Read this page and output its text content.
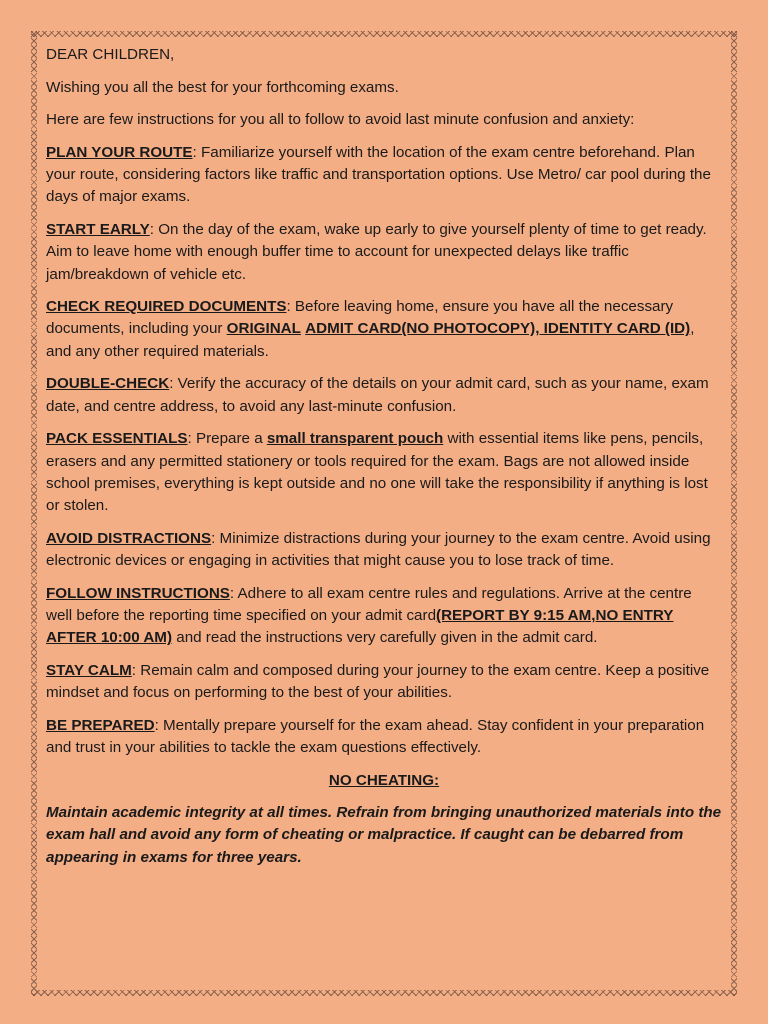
DEAR CHILDREN,

Wishing you all the best for your forthcoming exams.

Here are few instructions for you all to follow to avoid last minute confusion and anxiety:

PLAN YOUR ROUTE: Familiarize yourself with the location of the exam centre beforehand. Plan your route, considering factors like traffic and transportation options. Use Metro/ car pool during the days of major exams.

START EARLY: On the day of the exam, wake up early to give yourself plenty of time to get ready. Aim to leave home with enough buffer time to account for unexpected delays like traffic jam/breakdown of vehicle etc.

CHECK REQUIRED DOCUMENTS: Before leaving home, ensure you have all the necessary documents, including your ORIGINAL ADMIT CARD(NO PHOTOCOPY), IDENTITY CARD (ID), and any other required materials.

DOUBLE-CHECK: Verify the accuracy of the details on your admit card, such as your name, exam date, and centre address, to avoid any last-minute confusion.

PACK ESSENTIALS: Prepare a small transparent pouch with essential items like pens, pencils, erasers and any permitted stationery or tools required for the exam. Bags are not allowed inside school premises, everything is kept outside and no one will take the responsibility if anything is lost or stolen.

AVOID DISTRACTIONS: Minimize distractions during your journey to the exam centre. Avoid using electronic devices or engaging in activities that might cause you to lose track of time.

FOLLOW INSTRUCTIONS: Adhere to all exam centre rules and regulations. Arrive at the centre well before the reporting time specified on your admit card(REPORT BY 9:15 AM,NO ENTRY AFTER 10:00 AM) and read the instructions very carefully given in the admit card.

STAY CALM: Remain calm and composed during your journey to the exam centre. Keep a positive mindset and focus on performing to the best of your abilities.

BE PREPARED: Mentally prepare yourself for the exam ahead. Stay confident in your preparation and trust in your abilities to tackle the exam questions effectively.

NO CHEATING:

Maintain academic integrity at all times. Refrain from bringing unauthorized materials into the exam hall and avoid any form of cheating or malpractice. If caught can be debarred from appearing in exams for three years.
